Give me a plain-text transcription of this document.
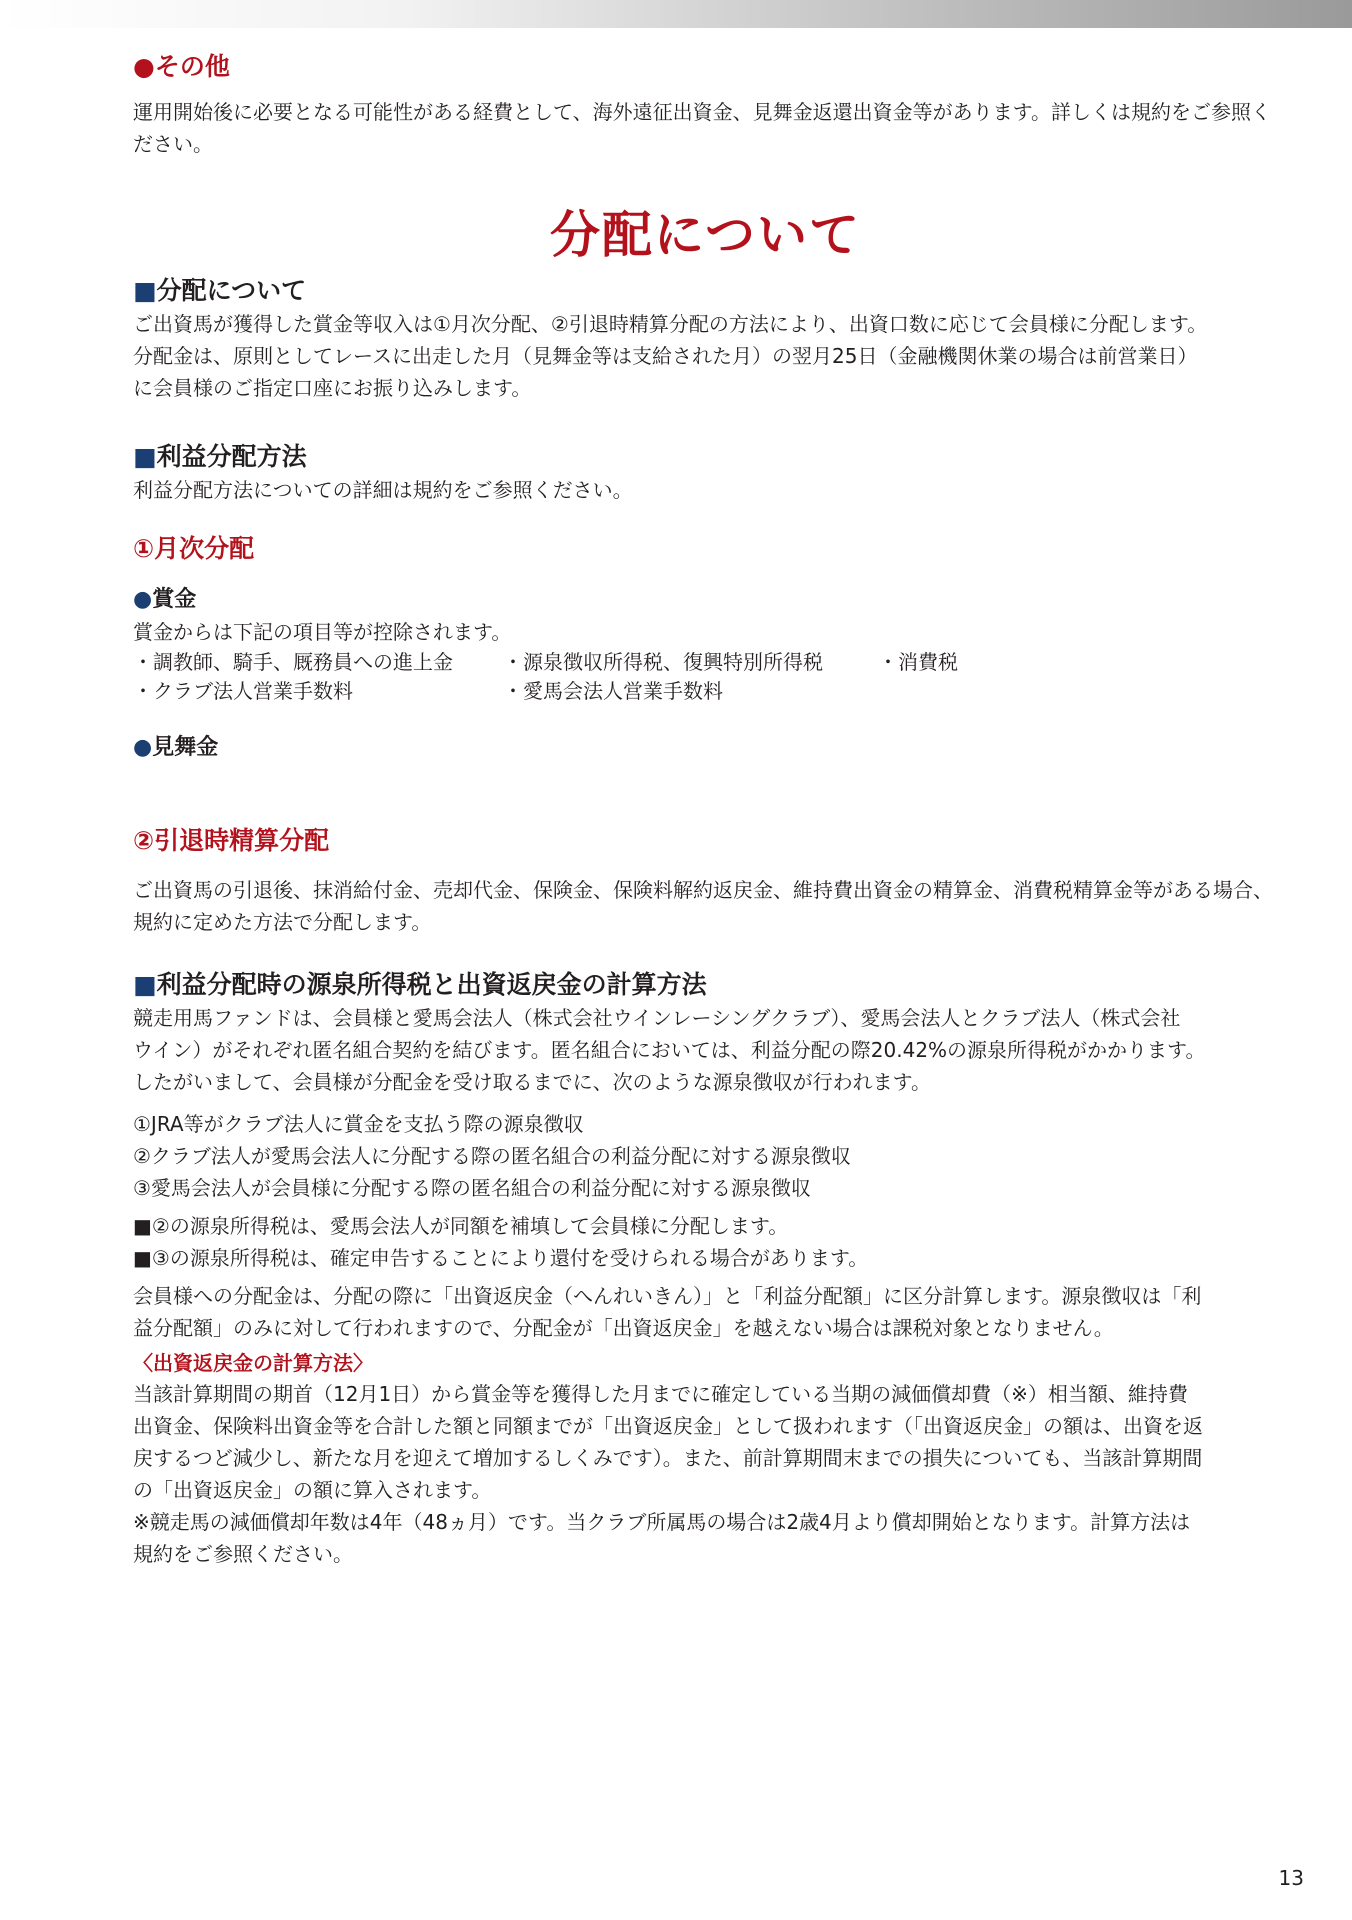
●その他

運用開始後に必要となる可能性がある経費として、海外遠征出資金、見舞金返還出資金等があります。詳しくは規約をご参照ください。

分配について

■分配について

ご出資馬が獲得した賞金等収入は①月次分配、②引退時精算分配の方法により、出資口数に応じて会員様に分配します。

分配金は、原則としてレースに出走した月（見舞金等は支給された月）の翌月25日（金融機関休業の場合は前営業日）

に会員様のご指定口座にお振り込みします。

■利益分配方法

利益分配方法についての詳細は規約をご参照ください。

①月次分配

●賞金

賞金からは下記の項目等が控除されます。

・調教師、騎手、厩務員への進上金	・源泉徴収所得税、復興特別所得税	・消費税
・クラブ法人営業手数料	・愛馬会法人営業手数料

●見舞金

②引退時精算分配

ご出資馬の引退後、抹消給付金、売却代金、保険金、保険料解約返戻金、維持費出資金の精算金、消費税精算金等がある場合、

規約に定めた方法で分配します。

■利益分配時の源泉所得税と出資返戻金の計算方法

競走用馬ファンドは、会員様と愛馬会法人（株式会社ウインレーシングクラブ）、愛馬会法人とクラブ法人（株式会社

ウイン）がそれぞれ匿名組合契約を結びます。匿名組合においては、利益分配の際20.42%の源泉所得税がかかります。

したがいまして、会員様が分配金を受け取るまでに、次のような源泉徴収が行われます。

①JRA等がクラブ法人に賞金を支払う際の源泉徴収

②クラブ法人が愛馬会法人に分配する際の匿名組合の利益分配に対する源泉徴収

③愛馬会法人が会員様に分配する際の匿名組合の利益分配に対する源泉徴収

■②の源泉所得税は、愛馬会法人が同額を補填して会員様に分配します。

■③の源泉所得税は、確定申告することにより還付を受けられる場合があります。

会員様への分配金は、分配の際に「出資返戻金（へんれいきん）」と「利益分配額」に区分計算します。源泉徴収は「利

益分配額」のみに対して行われますので、分配金が「出資返戻金」を越えない場合は課税対象となりません。

〈出資返戻金の計算方法〉

当該計算期間の期首（12月1日）から賞金等を獲得した月までに確定している当期の減価償却費（※）相当額、維持費

出資金、保険料出資金等を合計した額と同額までが「出資返戻金」として扱われます（「出資返戻金」の額は、出資を返

戻するつど減少し、新たな月を迎えて増加するしくみです）。また、前計算期間末までの損失についても、当該計算期間

の「出資返戻金」の額に算入されます。

※競走馬の減価償却年数は4年（48ヵ月）です。当クラブ所属馬の場合は2歳4月より償却開始となります。計算方法は

規約をご参照ください。

13
